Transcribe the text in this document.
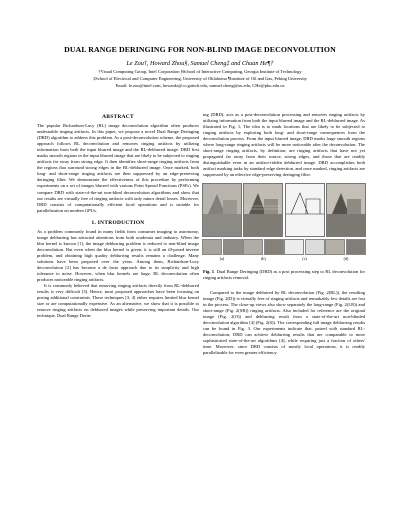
DUAL RANGE DERINGING FOR NON-BLIND IMAGE DECONVOLUTION
Le Zou†, Howard Zhou§, Samuel Cheng‡ and Chuan He¶†
†Visual Computing Group, Intel Corporation §School of Interactive Computing, Georgia Institute of Technology
‡School of Electrical and Computer Engineering, University of Oklahoma ¶Institute of Oil and Gas, Peking University
Email: le.zou@intel.com, howardz@cc.gatech.edu, samuel.cheng@ou.edu, CHe@pku.edu.cn
ABSTRACT

The popular Richardson-Lucy (RL) image deconvolution algorithm often produces undesirable ringing artifacts. In this paper, we propose a novel Dual Range Deringing (DRD) algorithm to address this problem. As a post-deconvolution scheme, the proposed approach follows RL deconvolution and removes ringing artifacts by utilizing information from both the input blurred image and the RL-deblurred image. DRD first marks smooth regions in the input blurred image that are likely to be subjected to ringing artifacts far away from strong edge. It then identifies short-range ringing artifacts from the regions that surround strong edges in the RL-deblurred image. Once marked, both long- and short-range ringing artifacts are then suppressed by an edge-preserving deringing filter. We demonstrate the effectiveness of this procedure by performing experiments on a set of images blurred with various Point Spread Functions (PSFs). We compare DRD with state-of-the-art non-blind deconvolution algorithms and show that our results are virtually free of ringing artifacts with only minor detail losses. Moreover, DRD consists of computationally efficient local operations and is suitable for parallelization on modern GPUs.

1. INTRODUCTION

As a problem commonly found in many fields from consumer imaging to astronomy, image deblurring has attracted attentions from both academia and industry. When the blur kernel is known [1], the image deblurring problem is reduced to non-blind image deconvolution. But even when the blur kernel is given, it is still an ill-posed inverse problem, and obtaining high quality deblurring results remains a challenge. Many solutions have been proposed over the years. Among them, Richardson-Lucy deconvolution [2] has become a de facto approach due to its simplicity and high tolerance to noise. However, when blur kernels are large, RL deconvolution often produces noticeable ringing artifacts.

It is commonly believed that removing ringing artifacts directly from RL-deblurred results is very difficult [3]. Hence, most proposed approaches have been focusing on posing additional constraints. These techniques [3, 4] either requires limited blur kernel size or are computationally expensive. As an alternative, we show that it is possible to remove ringing artifacts on deblurred images while preserving important details. Our technique, Dual Range Derin-

ing (DRD), acts as a post-deconvolution processing and removes ringing artifacts by utilizing information from both the input blurred image and the RL-deblurred image. As illustrated in Fig. 1, The idea is to mark locations that are likely to be subjected to ringing artifacts by exploring both long- and short-range consequences from the deconvolution process. From the input blurred image, DRD marks large smooth regions where long-range ringing artifacts will be more noticeable after the deconvolution. The short-range ringing artifacts, by definition, are ringing artifacts that have not yet propagated far away from their source, strong edges, and those that are readily distinguishable even in an artifact-ridden deblurred image. DRD accomplishes both artifact marking tasks by standard edge detection, and once marked, ringing artifacts are suppressed by an effective edge-preserving deringing filter.

(a)	(b)	(c)	(d)
Fig. 1. Dual Range Deringing (DRD) as a post processing step to RL deconvolution for ringing artifacts removal.

Compared to the image deblurred by RL deconvolution (Fig. 2(RL)), the resulting image (Fig. 2(D)) is virtually free of ringing artifacts and remarkably few details are lost in the process. The close-up views also show separately the long-range (Fig. 2(LR)) and short-range (Fig. 2(SR)) ringing artifacts. Also included for reference are the original image (Fig. 2(O)) and deblurring result from a state-of-the-art non-blinded deconvolution algorithm [4] (Fig. 2(S)). The corresponding full image deblurring results can be found in Fig. 3. Our experiments indicate that, paired with standard RL-deconvolution, DRD can achieve deblurring results that are comparable to more sophisticated state-of-the-art algorithms [4], while requiring just a fraction of others' time. Moreover, since DRD consists of mostly local operations, it is readily parallelizable for even greater efficiency.
